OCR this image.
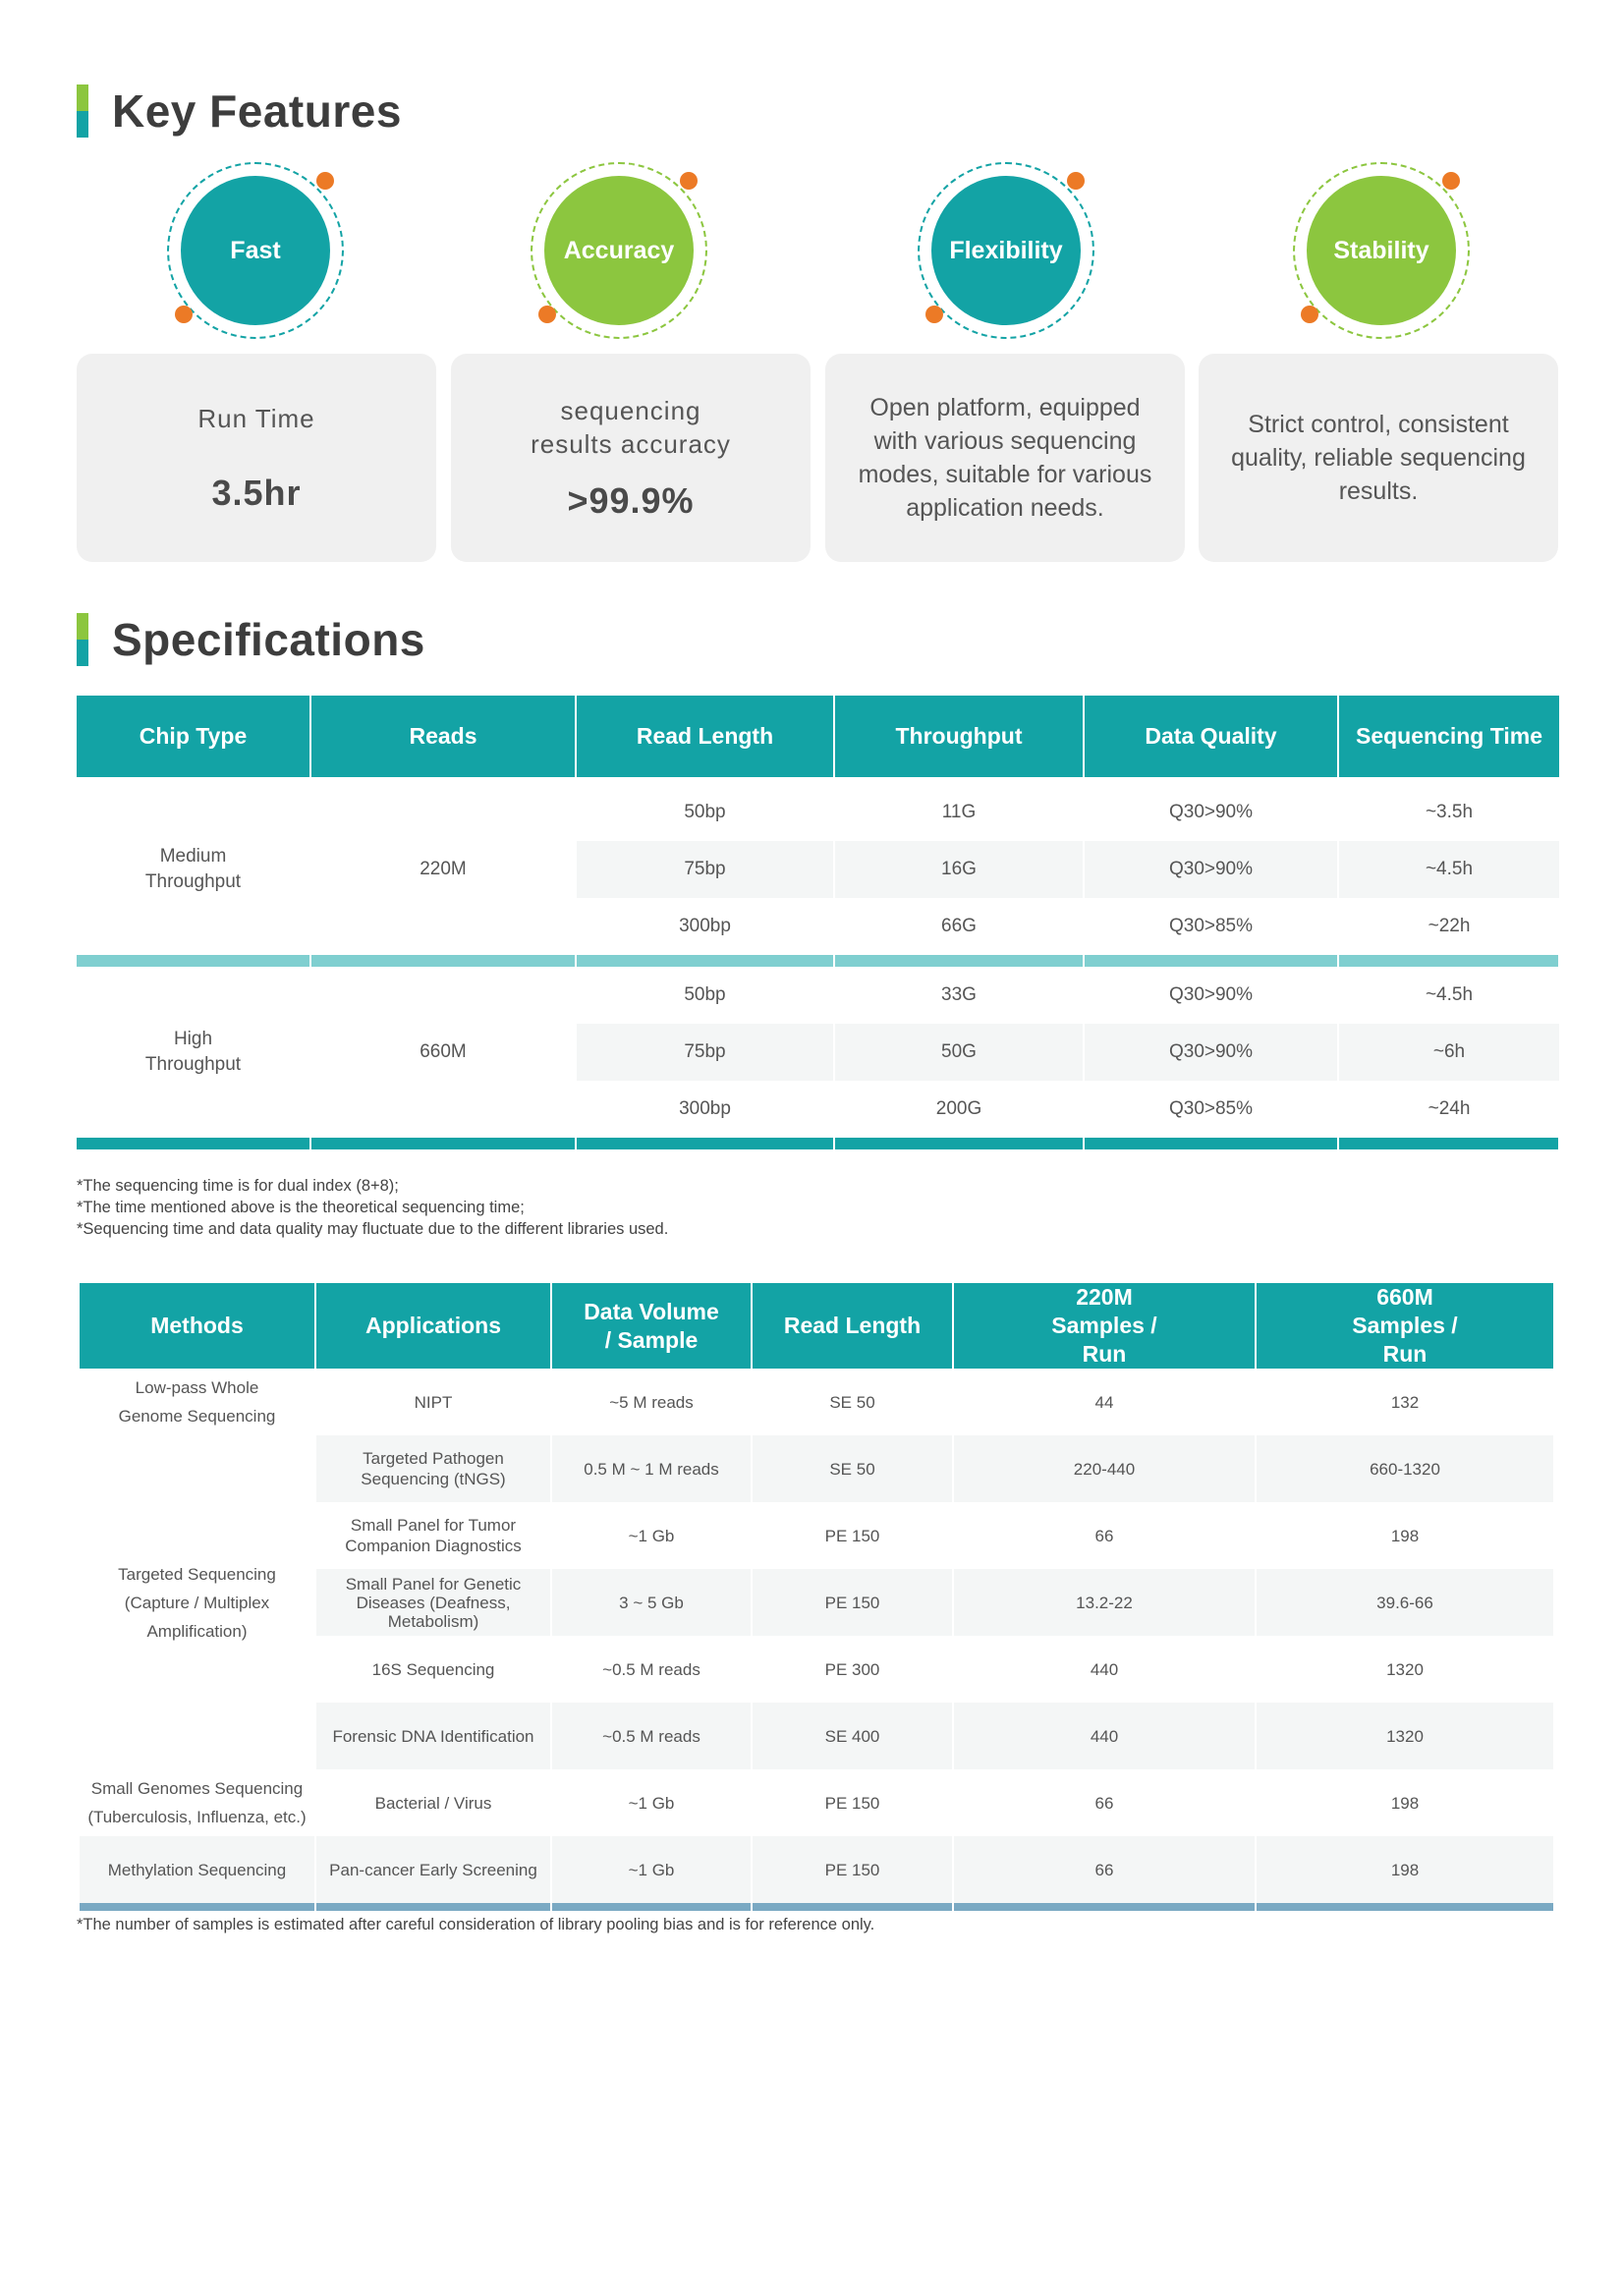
Key Features
Fast	Accuracy	Flexibility	Stability
Run Time
3.5hr
sequencing results accuracy
>99.9%
Open platform, equipped with various sequencing modes, suitable for various application needs.
Strict control, consistent quality, reliable sequencing results.
Specifications
Chip Type	Reads	Read Length	Throughput	Data Quality	Sequencing Time

Medium Throughput	220M	50bp	11G	Q30>90%	~3.5h
		75bp	16G	Q30>90%	~4.5h
		300bp	66G	Q30>85%	~22h

High Throughput	660M	50bp	33G	Q30>90%	~4.5h
		75bp	50G	Q30>90%	~6h
		300bp	200G	Q30>85%	~24h

*The sequencing time is for dual index (8+8);
*The time mentioned above is the theoretical sequencing time;
*Sequencing time and data quality may fluctuate due to the different libraries used.
Methods	Applications	Data Volume / Sample	Read Length	220M Samples / Run	660M Samples / Run
Low-pass Whole Genome Sequencing	NIPT	~5 M reads	SE 50	44	132
Targeted Sequencing (Capture / Multiplex Amplification)	Targeted Pathogen Sequencing (tNGS)	0.5 M ~ 1 M reads	SE 50	220-440	660-1320
	Small Panel for Tumor Companion Diagnostics	~1 Gb	PE 150	66	198
	Small Panel for Genetic Diseases (Deafness, Metabolism)	3 ~ 5 Gb	PE 150	13.2-22	39.6-66
	16S Sequencing	~0.5 M reads	PE 300	440	1320
	Forensic DNA Identification	~0.5 M reads	SE 400	440	1320
Small Genomes Sequencing (Tuberculosis, Influenza, etc.)	Bacterial / Virus	~1 Gb	PE 150	66	198
Methylation Sequencing	Pan-cancer Early Screening	~1 Gb	PE 150	66	198

*The number of samples is estimated after careful consideration of library pooling bias and is for reference only.
